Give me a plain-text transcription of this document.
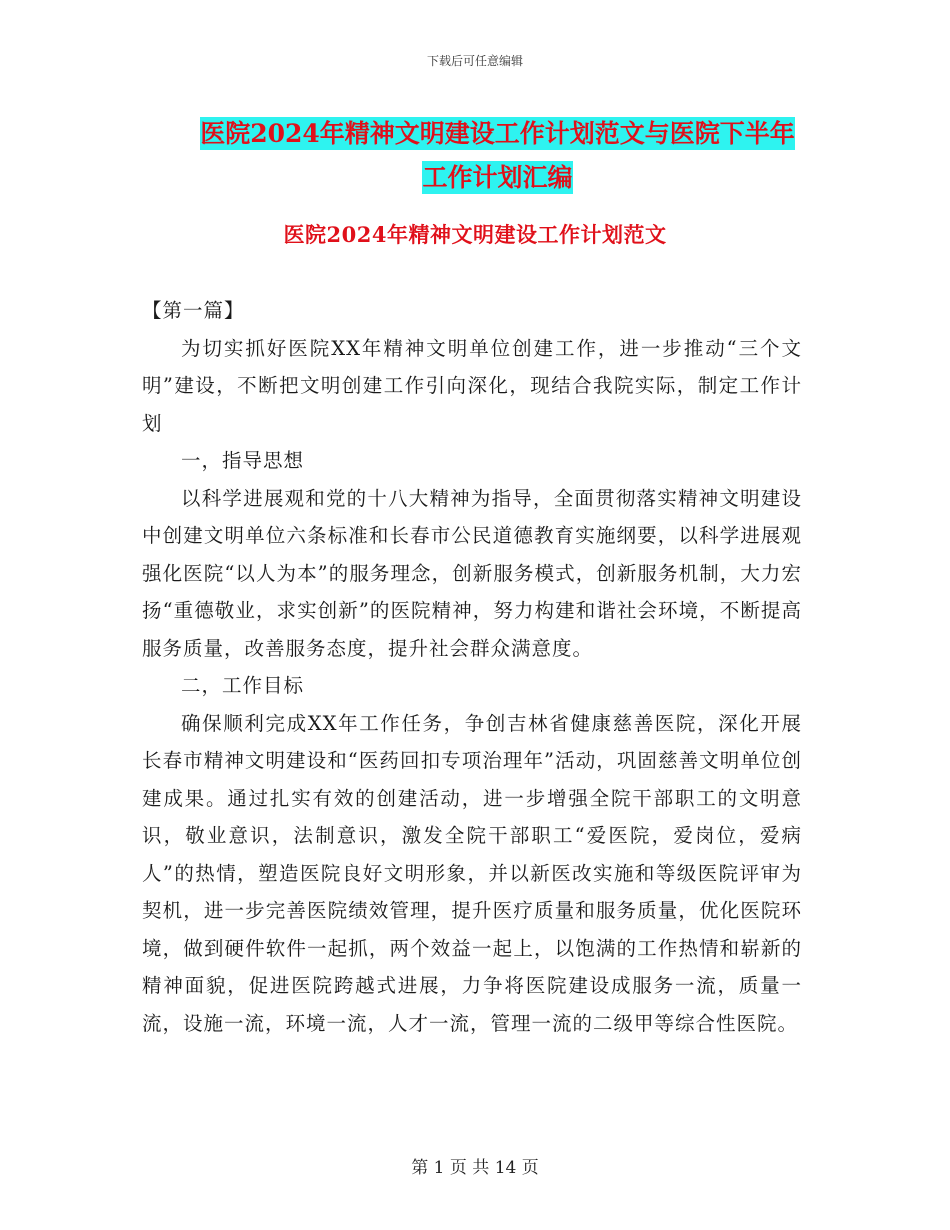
下载后可任意编辑
医院2024年精神文明建设工作计划范文与医院下半年
工作计划汇编
医院2024年精神文明建设工作计划范文

【第一篇】

为切实抓好医院XX年精神文明单位创建工作，进一步推动“三个文明”建设，不断把文明创建工作引向深化，现结合我院实际，制定工作计划

一，指导思想

以科学进展观和党的十八大精神为指导，全面贯彻落实精神文明建设中创建文明单位六条标准和长春市公民道德教育实施纲要，以科学进展观强化医院“以人为本”的服务理念，创新服务模式，创新服务机制，大力宏扬“重德敬业，求实创新”的医院精神，努力构建和谐社会环境，不断提高服务质量，改善服务态度，提升社会群众满意度。

二，工作目标

确保顺利完成XX年工作任务，争创吉林省健康慈善医院，深化开展长春市精神文明建设和“医药回扣专项治理年”活动，巩固慈善文明单位创建成果。通过扎实有效的创建活动，进一步增强全院干部职工的文明意识，敬业意识，法制意识，激发全院干部职工“爱医院，爱岗位，爱病人”的热情，塑造医院良好文明形象，并以新医改实施和等级医院评审为契机，进一步完善医院绩效管理，提升医疗质量和服务质量，优化医院环境，做到硬件软件一起抓，两个效益一起上，以饱满的工作热情和崭新的精神面貌，促进医院跨越式进展，力争将医院建设成服务一流，质量一流，设施一流，环境一流，人才一流，管理一流的二级甲等综合性医院。

第 1 页 共 14 页
